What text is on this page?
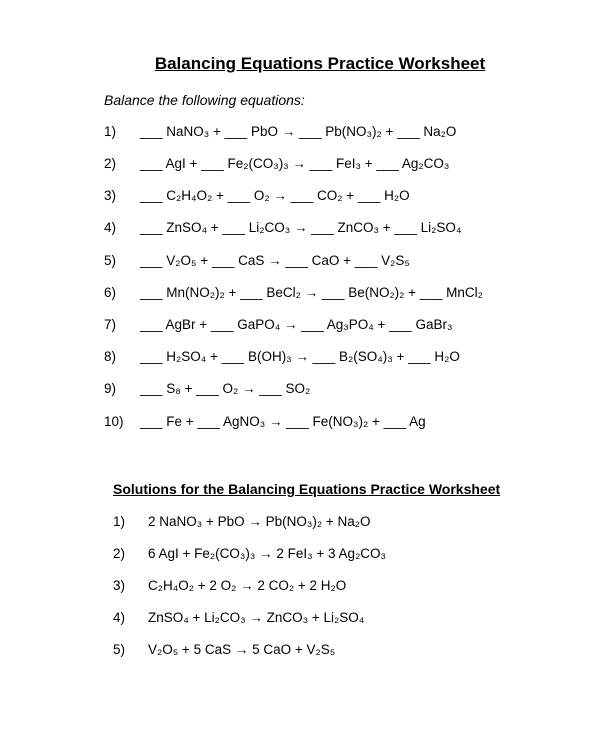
Balancing Equations Practice Worksheet
Balance the following equations:
1) ___ NaNO₃ + ___ PbO → ___ Pb(NO₃)₂ + ___ Na₂O
2) ___ AgI + ___ Fe₂(CO₃)₃ → ___ FeI₃ + ___ Ag₂CO₃
3) ___ C₂H₄O₂ + ___ O₂ → ___ CO₂ + ___ H₂O
4) ___ ZnSO₄ + ___ Li₂CO₃ → ___ ZnCO₃ + ___ Li₂SO₄
5) ___ V₂O₅ + ___ CaS → ___ CaO + ___ V₂S₅
6) ___ Mn(NO₂)₂ + ___ BeCl₂ → ___ Be(NO₂)₂ + ___ MnCl₂
7) ___ AgBr + ___ GaPO₄ → ___ Ag₃PO₄ + ___ GaBr₃
8) ___ H₂SO₄ + ___ B(OH)₃ → ___ B₂(SO₄)₃ + ___ H₂O
9) ___ S₈ + ___ O₂ → ___ SO₂
10) ___ Fe + ___ AgNO₃ → ___ Fe(NO₃)₂ + ___ Ag
Solutions for the Balancing Equations Practice Worksheet
1) 2 NaNO₃ + PbO → Pb(NO₃)₂ + Na₂O
2) 6 AgI + Fe₂(CO₃)₃ → 2 FeI₃ + 3 Ag₂CO₃
3) C₂H₄O₂ + 2 O₂ → 2 CO₂ + 2 H₂O
4) ZnSO₄ + Li₂CO₃ → ZnCO₃ + Li₂SO₄
5) V₂O₅ + 5 CaS → 5 CaO + V₂S₅
